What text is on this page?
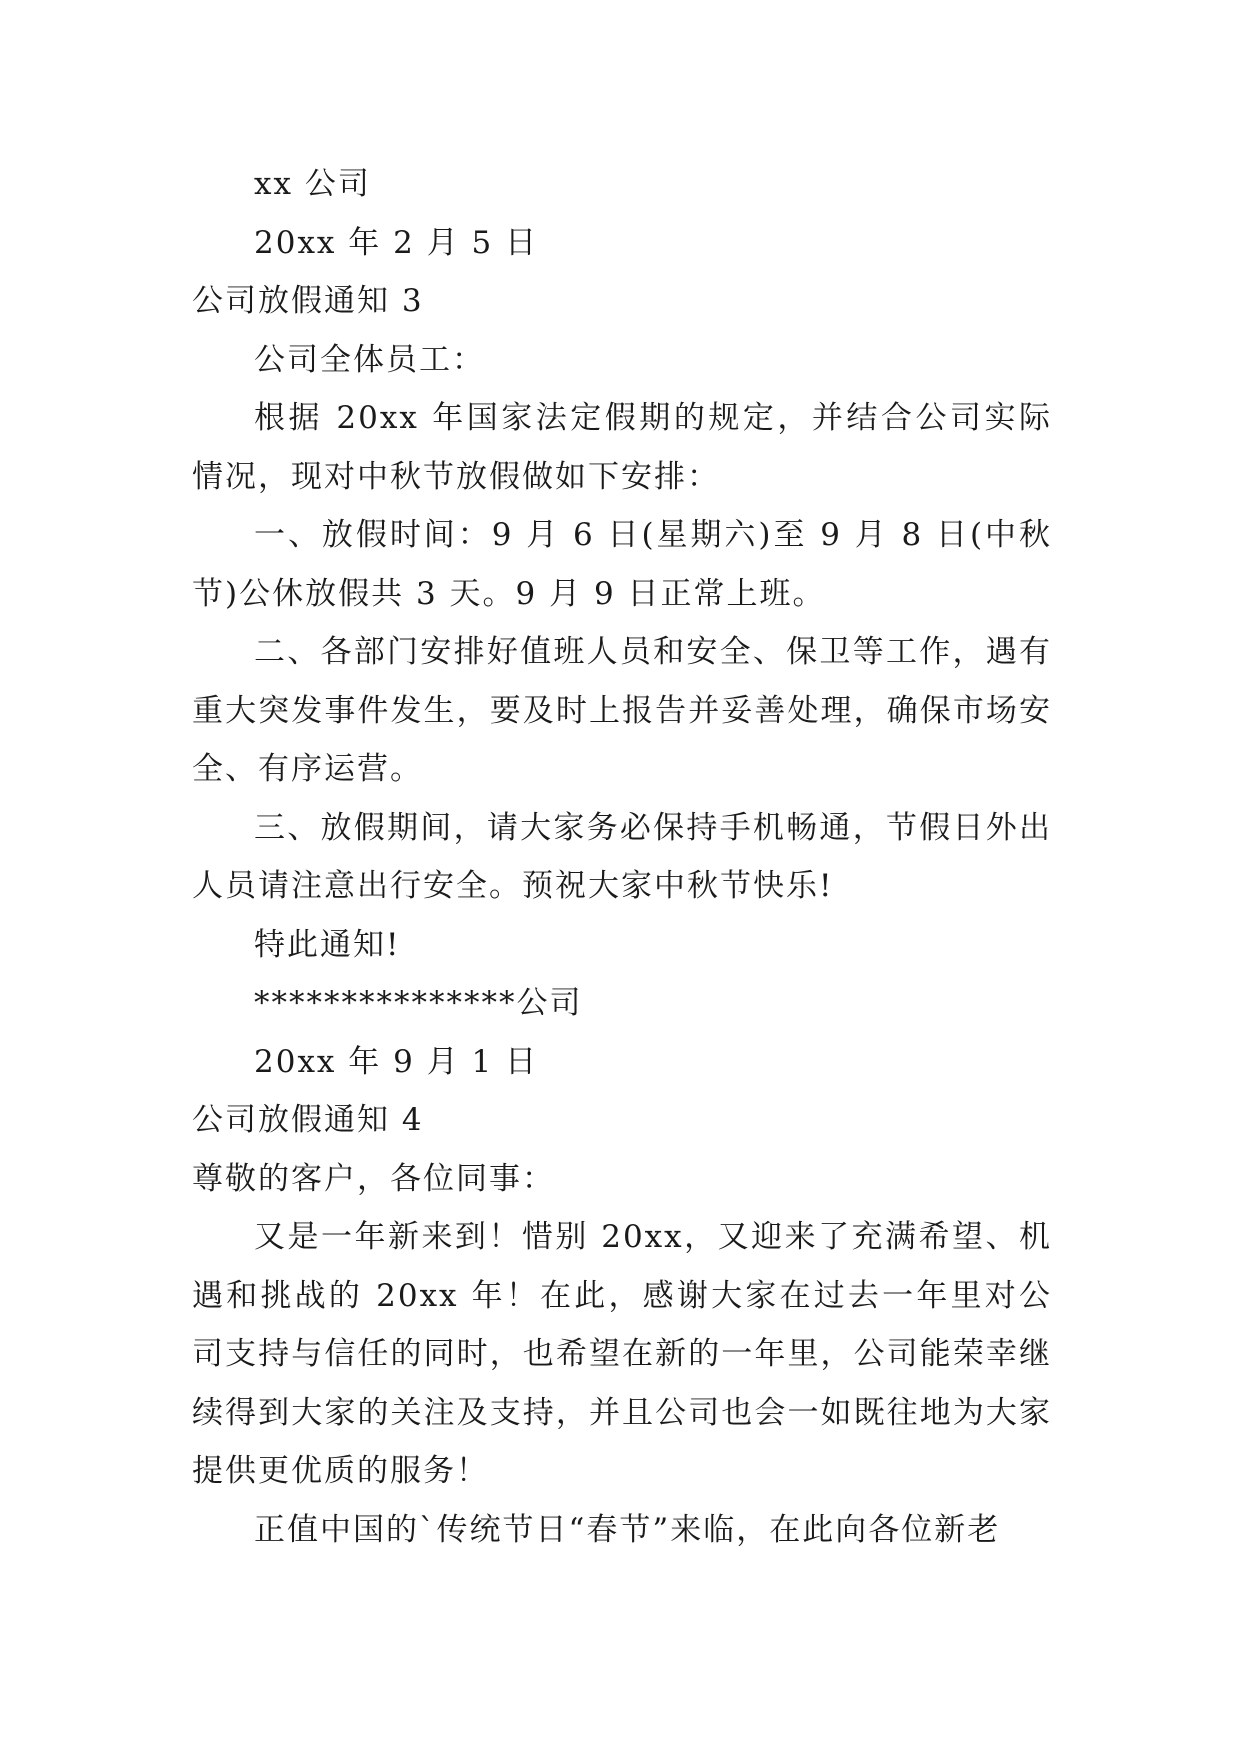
xx 公司
20xx 年 2 月 5 日
公司放假通知 3
公司全体员工：

根据 20xx 年国家法定假期的规定，并结合公司实际情况，现对中秋节放假做如下安排：

一、放假时间：9 月 6 日(星期六)至 9 月 8 日(中秋节)公休放假共 3 天。9 月 9 日正常上班。

二、各部门安排好值班人员和安全、保卫等工作，遇有重大突发事件发生，要及时上报告并妥善处理，确保市场安全、有序运营。

三、放假期间，请大家务必保持手机畅通，节假日外出人员请注意出行安全。预祝大家中秋节快乐!

特此通知!
***************公司
20xx 年 9 月 1 日
公司放假通知 4
尊敬的客户，各位同事：

又是一年新来到！惜别 20xx，又迎来了充满希望、机遇和挑战的 20xx 年！在此，感谢大家在过去一年里对公司支持与信任的同时，也希望在新的一年里，公司能荣幸继续得到大家的关注及支持，并且公司也会一如既往地为大家提供更优质的服务！

正值中国的`传统节日“春节”来临，在此向各位新老
